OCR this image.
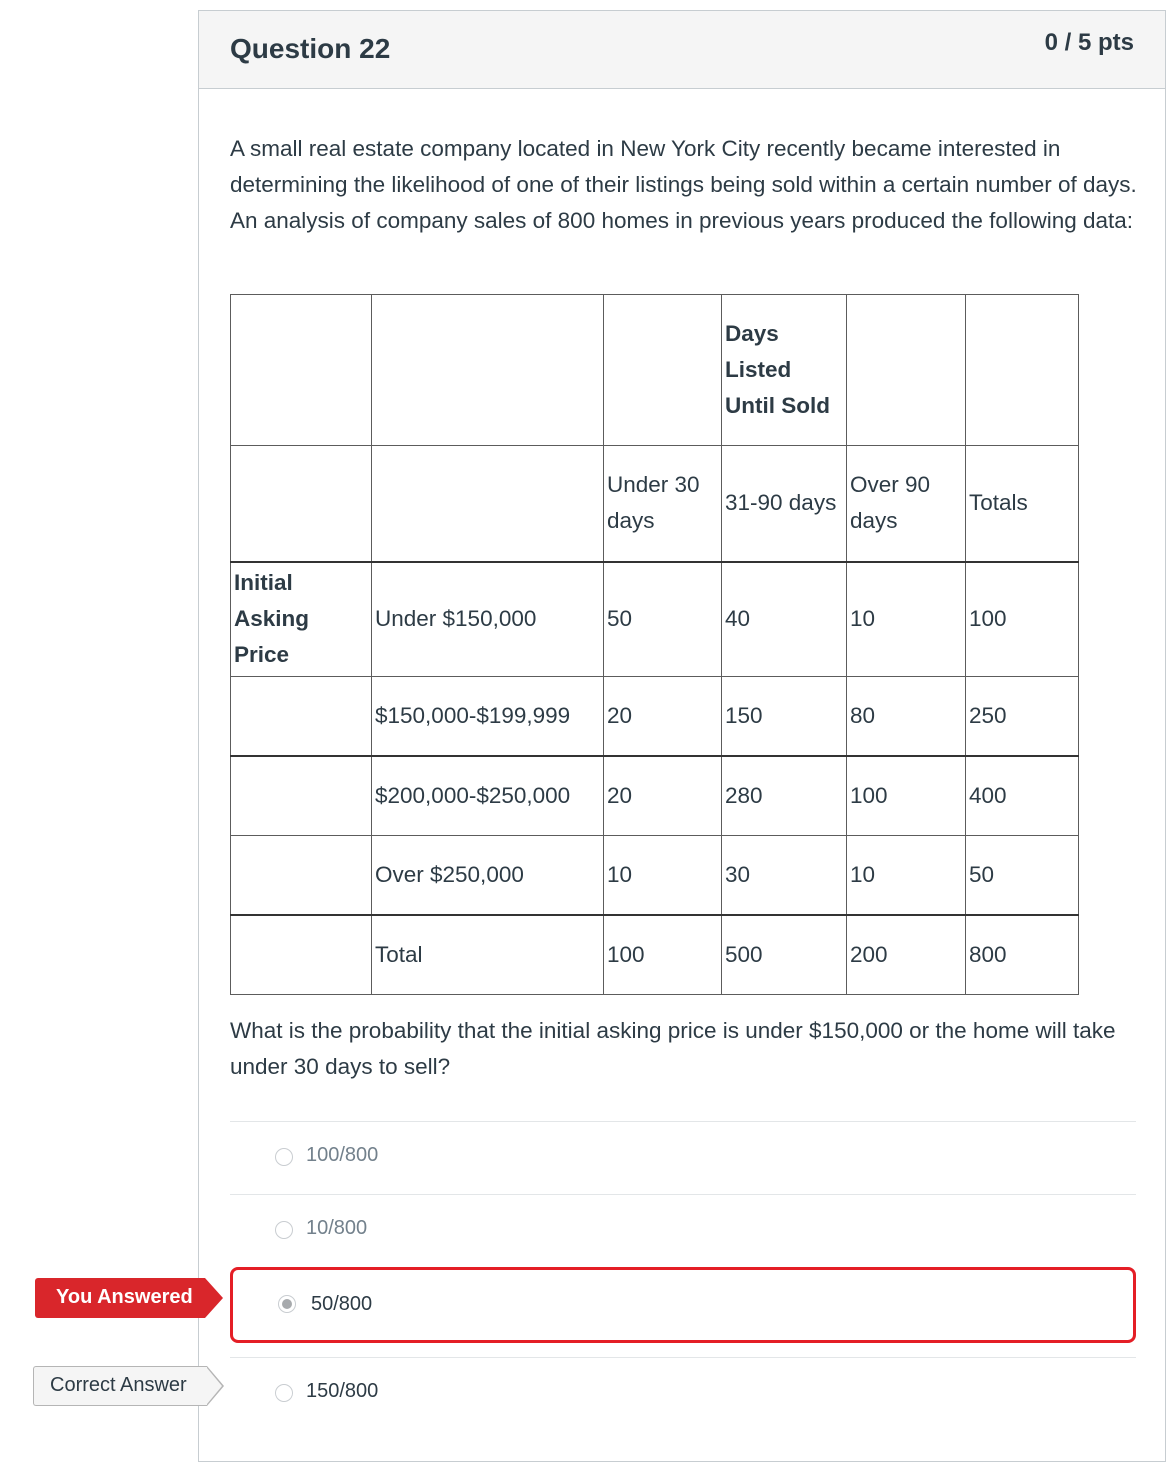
Question 22	0 / 5 pts

A small real estate company located in New York City recently became interested in determining the likelihood of one of their listings being sold within a certain number of days. An analysis of company sales of 800 homes in previous years produced the following data:

			Days Listed Until Sold		
		Under 30 days	31-90 days	Over 90 days	Totals
Initial Asking Price	Under $150,000	50	40	10	100
	$150,000-$199,999	20	150	80	250
	$200,000-$250,000	20	280	100	400
	Over $250,000	10	30	10	50
	Total	100	500	200	800

What is the probability that the initial asking price is under $150,000 or the home will take under 30 days to sell?

100/800
10/800
50/800
150/800
You Answered
Correct Answer
